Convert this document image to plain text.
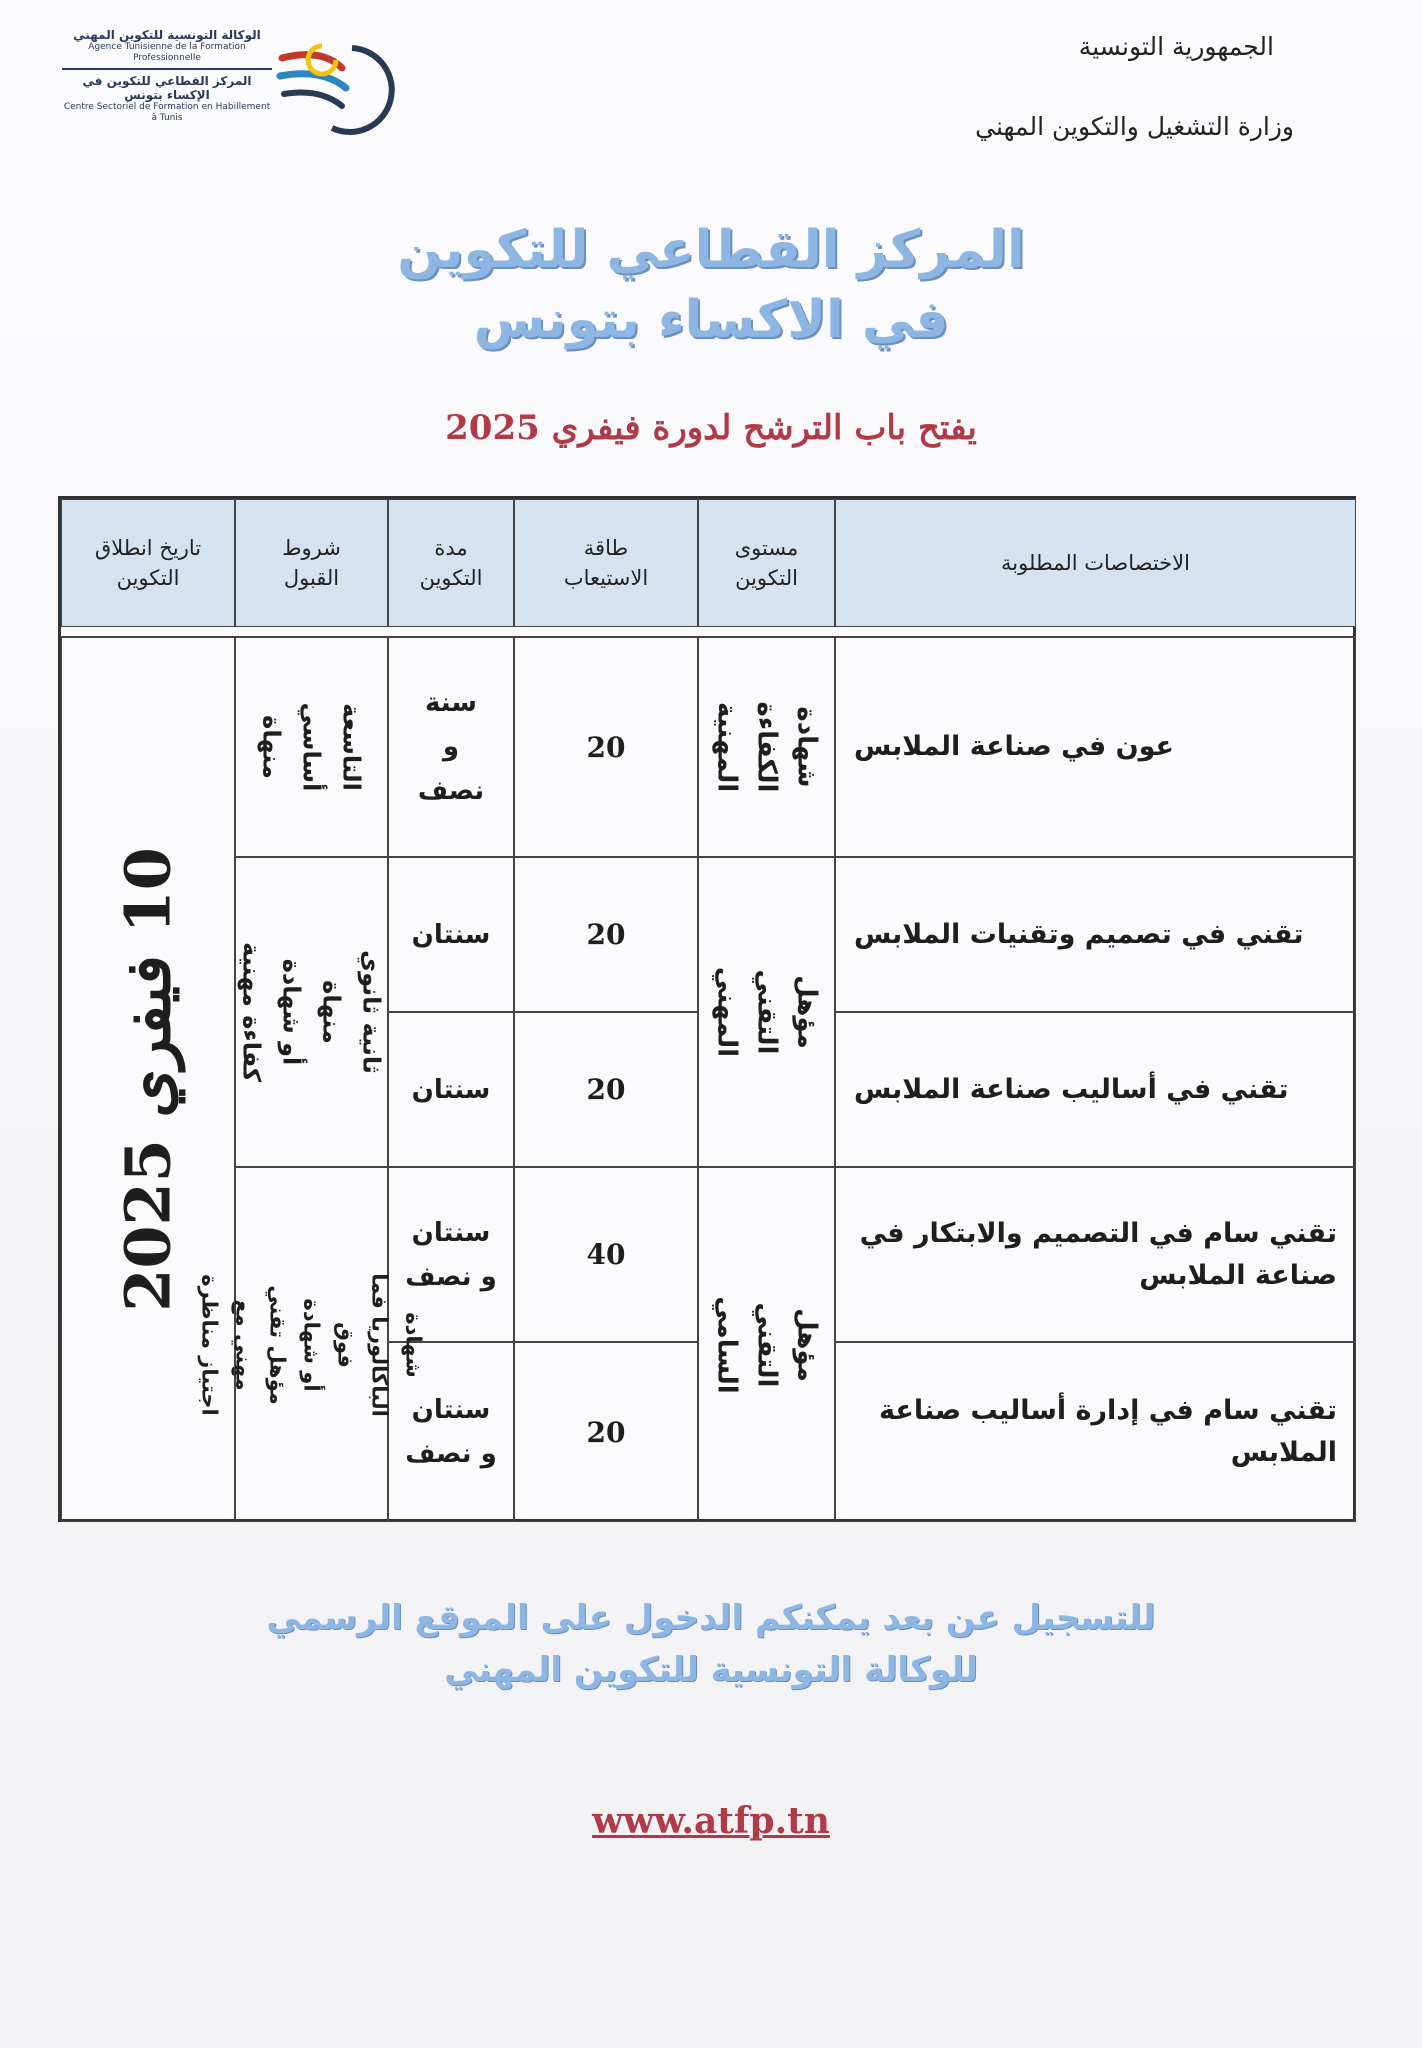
الوكالة التونسية للتكوين المهني
Agence Tunisienne de la Formation Professionnelle
المركز القطاعي للتكوين في الإكساء بتونس
Centre Sectoriel de Formation en Habillement à Tunis
الجمهورية التونسية
وزارة التشغيل والتكوين المهني
المركز القطاعي للتكوين
في الاكساء بتونس
يفتح باب الترشح لدورة فيفري 2025
الاختصاصات المطلوبة
مستوى
التكوين
طاقة
الاستيعاب
مدة
التكوين
شروط
القبول
تاريخ انطلاق
التكوين
عون في صناعة الملابس
20
سنة
و
نصف
تقني في تصميم وتقنيات الملابس
20
سنتان
تقني في أساليب صناعة الملابس
20
سنتان
تقني سام في التصميم والابتكار في صناعة الملابس
40
سنتان
و نصف
تقني سام في إدارة أساليب صناعة الملابس
20
سنتان
و نصف
شهادة الكفاءة
المهنية
مؤهل التقني
المهني
مؤهل التقني
السامي
التاسعة أساسي
منهاة
ثانية ثانوي منهاة
أو شهادة كفاءة مهنية
شهادة الباكالوريا فما فوق
أو شهادة مؤهل تقني
مهني مع اجتياز مناظرة
10 فيفري 2025
للتسجيل عن بعد يمكنكم الدخول على الموقع الرسمي
للوكالة التونسية للتكوين المهني
www.atfp.tn
